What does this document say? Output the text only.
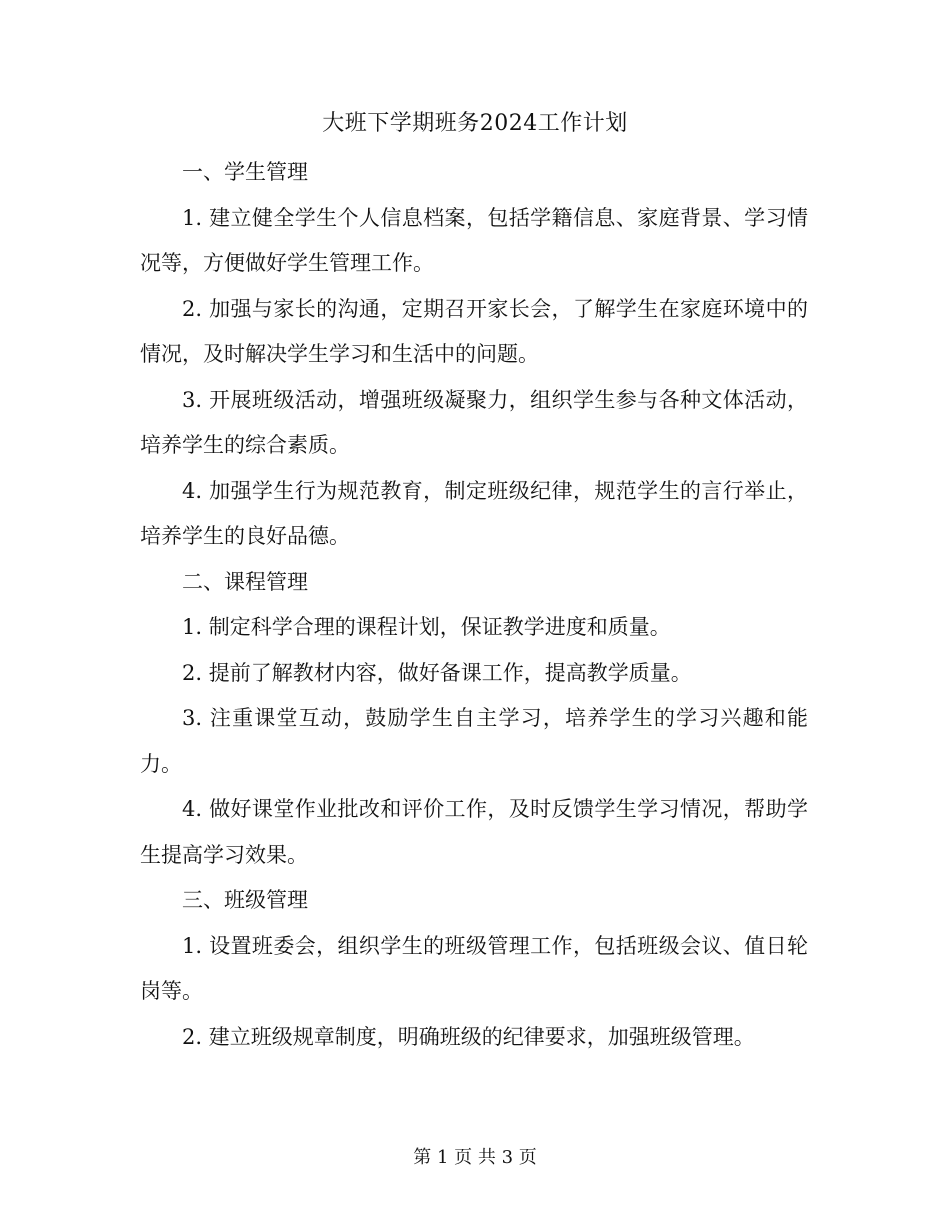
大班下学期班务2024工作计划

一、学生管理

1. 建立健全学生个人信息档案，包括学籍信息、家庭背景、学习情况等，方便做好学生管理工作。

2. 加强与家长的沟通，定期召开家长会，了解学生在家庭环境中的情况，及时解决学生学习和生活中的问题。

3. 开展班级活动，增强班级凝聚力，组织学生参与各种文体活动，培养学生的综合素质。

4. 加强学生行为规范教育，制定班级纪律，规范学生的言行举止，培养学生的良好品德。

二、课程管理

1. 制定科学合理的课程计划，保证教学进度和质量。

2. 提前了解教材内容，做好备课工作，提高教学质量。

3. 注重课堂互动，鼓励学生自主学习，培养学生的学习兴趣和能力。

4. 做好课堂作业批改和评价工作，及时反馈学生学习情况，帮助学生提高学习效果。

三、班级管理

1. 设置班委会，组织学生的班级管理工作，包括班级会议、值日轮岗等。

2. 建立班级规章制度，明确班级的纪律要求，加强班级管理。

第 1 页 共 3 页
